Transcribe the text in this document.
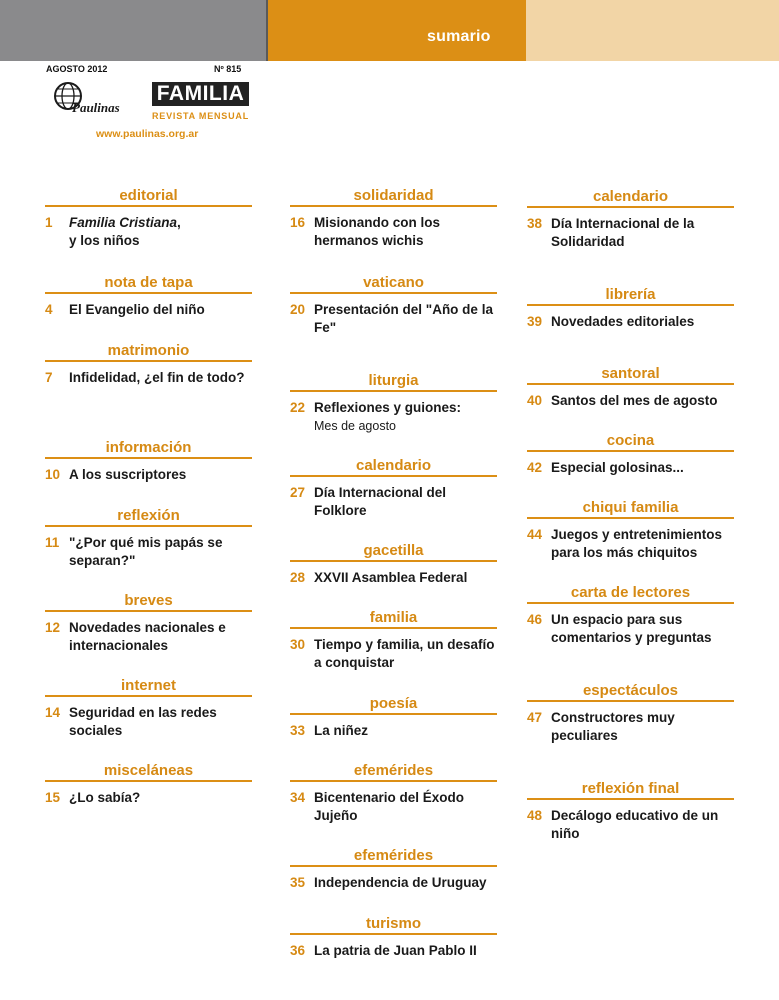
sumario
AGOSTO 2012	Nº 815
Paulinas
FAMILIA
REVISTA MENSUAL
www.paulinas.org.ar
editorial
1	Familia Cristiana,
y los niños
nota de tapa
4	El Evangelio del niño
matrimonio
7	Infidelidad, ¿el fin de todo?
información
10 A los suscriptores
reflexión
11 "¿Por qué mis papás se separan?"
breves
12 Novedades nacionales e internacionales
internet
14 Seguridad en las redes sociales
misceláneas
15 ¿Lo sabía?
solidaridad
16 Misionando con los hermanos wichis
vaticano
20 Presentación del "Año de la Fe"
liturgia
22 Reflexiones y guiones:
Mes de agosto
calendario
27 Día Internacional del Folklore
gacetilla
28 XXVII Asamblea Federal
familia
30 Tiempo y familia, un desafío a conquistar
poesía
33 La niñez
efemérides
34 Bicentenario del Éxodo Jujeño
efemérides
35 Independencia de Uruguay
turismo
36 La patria de Juan Pablo II
calendario
38 Día Internacional de la Solidaridad
librería
39 Novedades editoriales
santoral
40 Santos del mes de agosto
cocina
42 Especial golosinas...
chiqui familia
44 Juegos y entretenimientos para los más chiquitos
carta de lectores
46 Un espacio para sus comentarios y preguntas
espectáculos
47 Constructores muy peculiares
reflexión final
48 Decálogo educativo de un niño
